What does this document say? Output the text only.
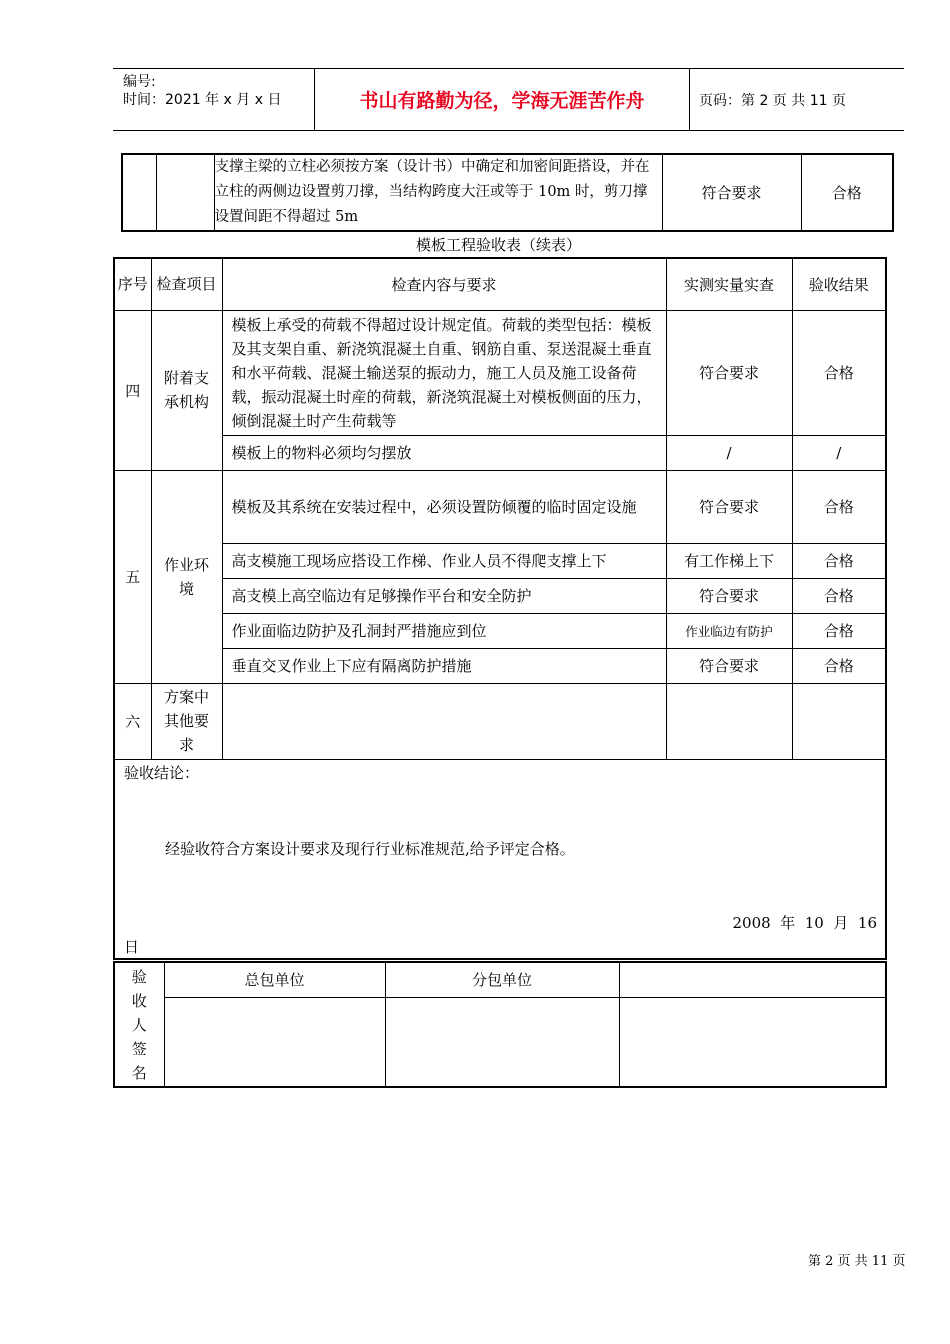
编号:
时间：2021 年 x 月 x 日	书山有路勤为径，学海无涯苦作舟	页码：第 2 页 共 11 页
		支撑主梁的立柱必须按方案（设计书）中确定和加密间距搭设，并在立柱的两侧边设置剪刀撑，当结构跨度大汪或等于 10m 时，剪刀撑设置间距不得超过 5m	符合要求	合格
模板工程验收表（续表）
序号	检查项目	检查内容与要求	实测实量实查	验收结果
四	附着支承机构	模板上承受的荷载不得超过设计规定值。荷载的类型包括：模板及其支架自重、新浇筑混凝土自重、钢筋自重、泵送混凝土垂直和水平荷载、混凝土输送泵的振动力，施工人员及施工设备荷载，振动混凝土时産的荷载，新浇筑混凝土对模板侧面的压力，倾倒混凝土时产生荷载等	符合要求	合格
		模板上的物料必须均匀摆放	/	/
五	作业环境	模板及其系统在安装过程中，必须设置防倾覆的临时固定设施	符合要求	合格
		高支模施工现场应搭设工作梯、作业人员不得爬支撑上下	有工作梯上下	合格
		高支模上高空临边有足够操作平台和安全防护	符合要求	合格
		作业面临边防护及孔洞封严措施应到位	作业临边有防护	合格
		垂直交叉作业上下应有隔离防护措施	符合要求	合格
六	方案中其他要求			

验收结论：
经验收符合方案设计要求及现行行业标准规范,给予评定合格。
2008  年  10  月  16
日				
验收人签名	总包单位	分包单位	

第 2 页 共 11 页
